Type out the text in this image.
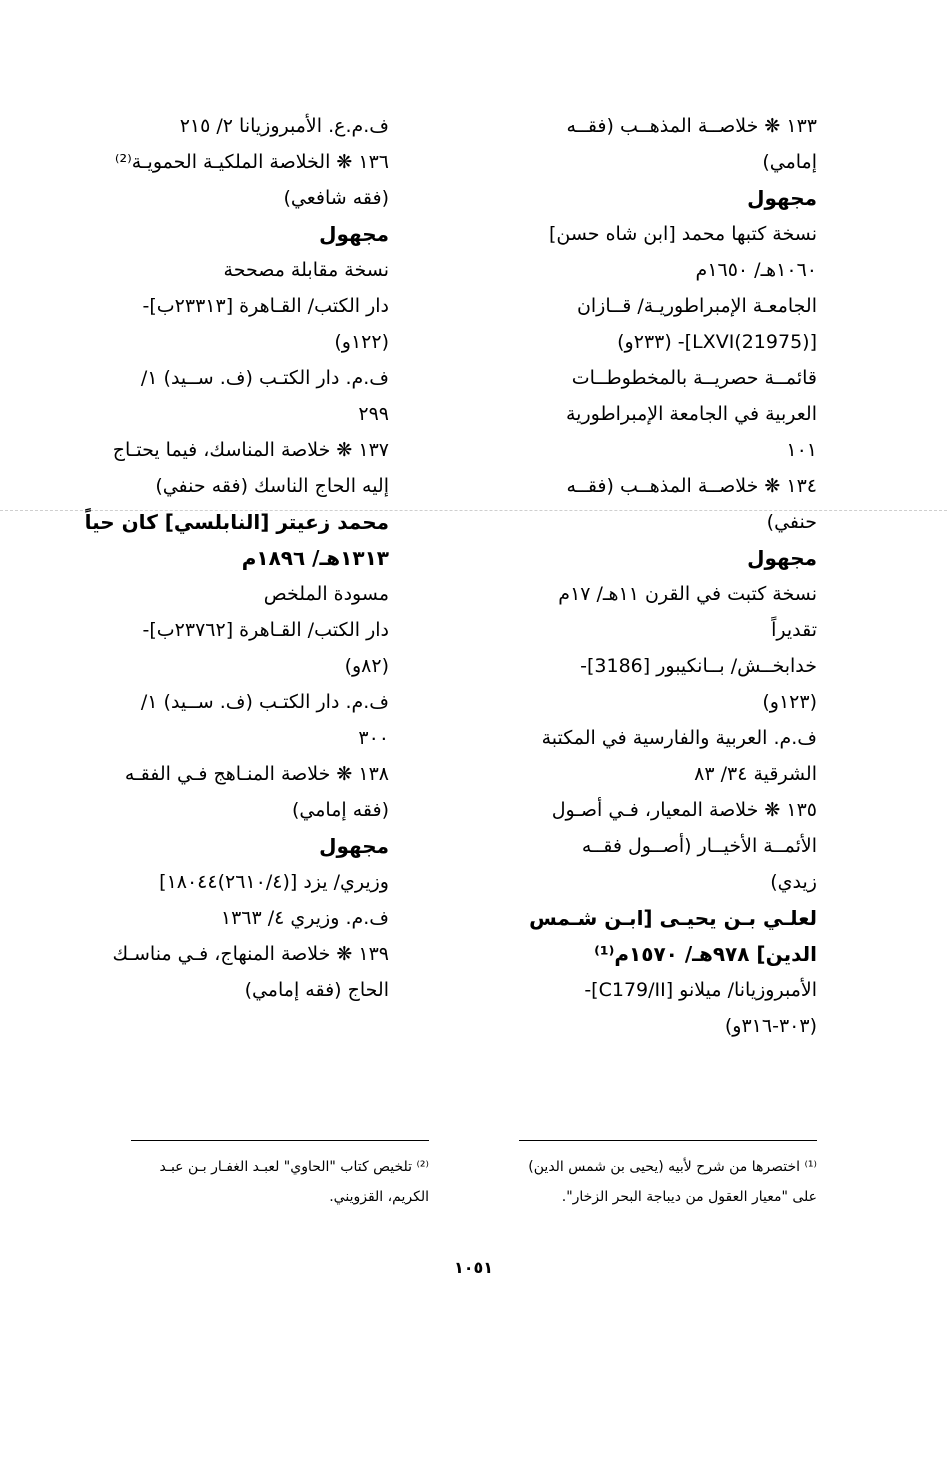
١٣٣ ❋ خلاصــة المذهــب (فقــه
إمامي)
مجهول
نسخة كتبها محمد [ابن شاه حسن]
١٠٦٠هـ/ ١٦٥٠م
الجامعـة الإمبراطوريـة/ قــازان
[LXVI(21975)]- (٢٣٣و)
قائمــة حصريــة بالمخطوطــات
العربية في الجامعة الإمبراطورية
١٠١
١٣٤ ❋ خلاصــة المذهــب (فقــه
حنفي)
مجهول
نسخة كتبت في القرن ١١هـ/ ١٧م
تقديراً
خدابخــش/ بــانكيبور [3186]-
(١٢٣و)
ف.م. العربية والفارسية في المكتبة
الشرقية ٣٤/ ٨٣
١٣٥ ❋ خلاصة المعيار، فـي أصـول
الأئمــة الأخيــار (أصــول فقــه
زيدي)
لعلـي بـن يحيـى [ابـن شـمس
الدين] ٩٧٨هـ/ ١٥٧٠م⁽¹⁾
الأمبروزيانا/ ميلانو [C179/II]-
(٣٠٣-٣١٦و)
ف.م.ع. الأمبروزيانا ٢/ ٢١٥
١٣٦ ❋ الخلاصة الملكيـة الحمويـة⁽²⁾
(فقه شافعي)
مجهول
نسخة مقابلة مصححة
دار الكتب/ القـاهرة [٢٣٣١٣ب]-
(١٢٢و)
ف.م. دار الكتـب (ف. ســيد) ١/
٢٩٩
١٣٧ ❋ خلاصة المناسك، فيما يحتـاج
إليه الحاج الناسك (فقه حنفي)
محمد زعيتر [النابلسي] كان حياً
١٣١٣هـ/ ١٨٩٦م
مسودة الملخص
دار الكتب/ القـاهرة [٢٣٧٦٢ب]-
(٨٢و)
ف.م. دار الكتـب (ف. ســيد) ١/
٣٠٠
١٣٨ ❋ خلاصة المنـاهج فـي الفقـه
(فقه إمامي)
مجهول
وزيري/ يزد [(٢٦١٠/٤)١٨٠٤٤]
ف.م. وزيري ٤/ ١٣٦٣
١٣٩ ❋ خلاصة المنهاج، فـي مناسـك
الحاج (فقه إمامي)
⁽¹⁾ اختصرها من شرح لأبيه (يحيى بن شمس الدين)
على "معيار العقول من ديباجة البحر الزخار".
⁽²⁾ تلخيص كتاب "الحاوي" لعبـد الغفـار بـن عبـد
الكريم، القزويني.
١٠٥١
